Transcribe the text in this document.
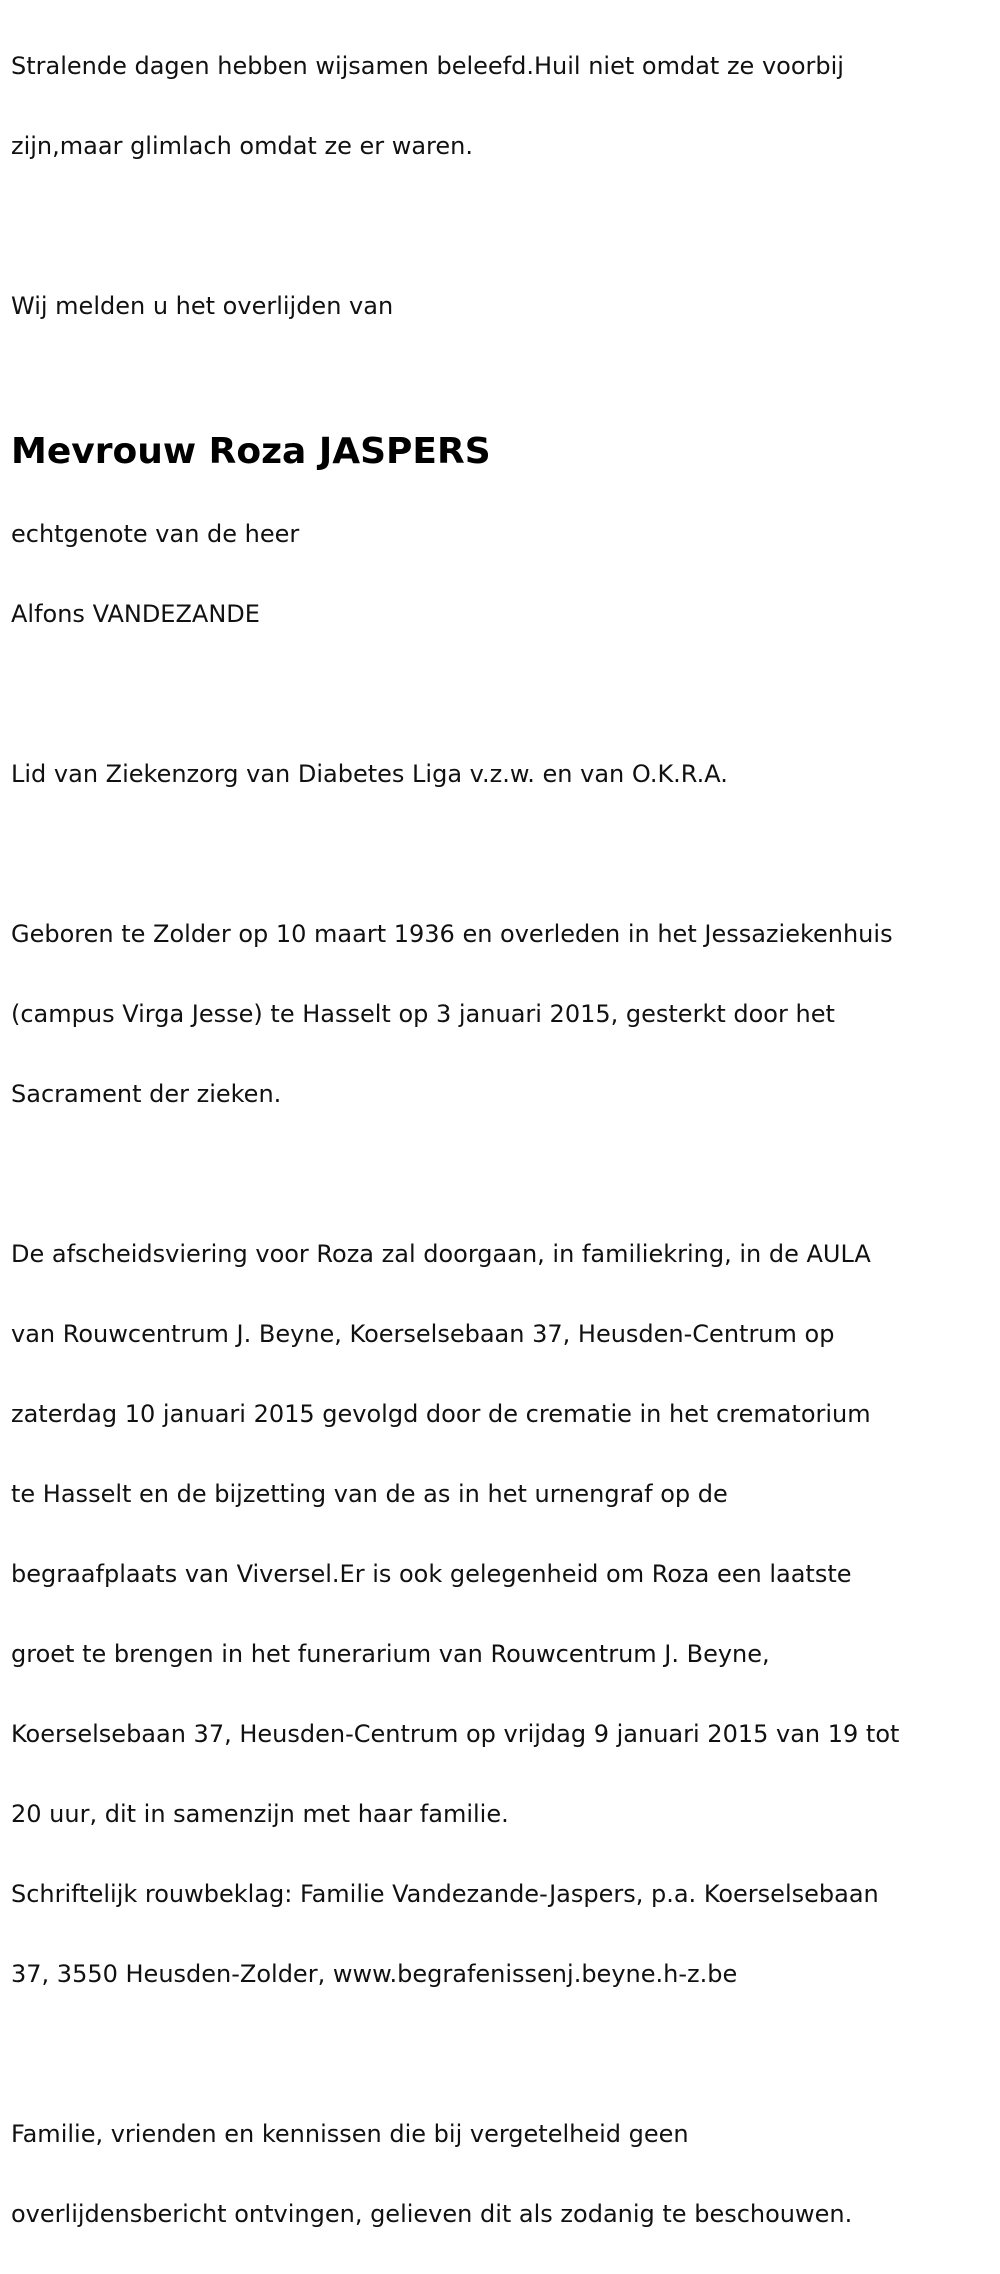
Stralende dagen hebben wijsamen beleefd.Huil niet omdat ze voorbij

zijn,maar glimlach omdat ze er waren.

Wij melden u het overlijden van

Mevrouw Roza JASPERS

echtgenote van de heer

Alfons VANDEZANDE

Lid van Ziekenzorg van Diabetes Liga v.z.w. en van O.K.R.A.

Geboren te Zolder op 10 maart 1936 en overleden in het Jessaziekenhuis

(campus Virga Jesse) te Hasselt op 3 januari 2015, gesterkt door het

Sacrament der zieken.

De afscheidsviering voor Roza zal doorgaan, in familiekring, in de AULA

van Rouwcentrum J. Beyne, Koerselsebaan 37, Heusden-Centrum op

zaterdag 10 januari 2015 gevolgd door de crematie in het crematorium

te Hasselt en de bijzetting van de as in het urnengraf op de

begraafplaats van Viversel.Er is ook gelegenheid om Roza een laatste

groet te brengen in het funerarium van Rouwcentrum J. Beyne,

Koerselsebaan 37, Heusden-Centrum op vrijdag 9 januari 2015 van 19 tot

20 uur, dit in samenzijn met haar familie.

Schriftelijk rouwbeklag: Familie Vandezande-Jaspers, p.a. Koerselsebaan

37, 3550 Heusden-Zolder, www.begrafenissenj.beyne.h-z.be

Familie, vrienden en kennissen die bij vergetelheid geen

overlijdensbericht ontvingen, gelieven dit als zodanig te beschouwen.
